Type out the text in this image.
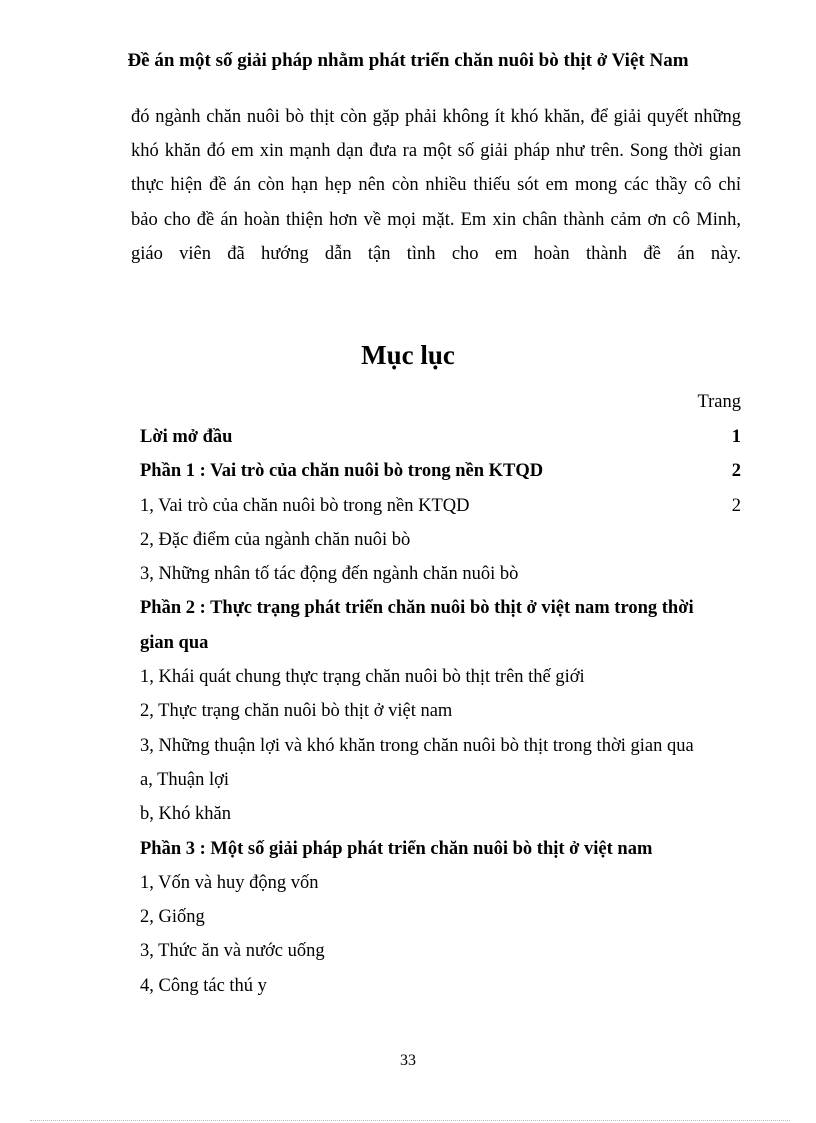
Đề án một số giải pháp nhằm phát triển chăn nuôi bò thịt ở Việt Nam
đó ngành chăn nuôi bò thịt còn gặp phải không ít khó khăn, để giải quyết những
khó khăn đó em xin mạnh dạn đưa ra một số giải pháp như trên. Song thời gian
thực hiện đề án còn hạn hẹp nên còn nhiều thiếu sót em mong các thầy cô chỉ
bảo cho đề án hoàn thiện hơn về mọi mặt. Em xin chân thành cảm ơn cô Minh,
giáo viên đã hướng dẫn tận tình cho em hoàn thành đề án này.
Mục lục
Trang
Lời mở đầu	1
Phần 1 : Vai trò của chăn nuôi bò trong nền KTQD	2
1, Vai trò của chăn nuôi bò trong nền KTQD	2
2, Đặc điểm của ngành chăn nuôi bò
3, Những nhân tố tác động đến ngành chăn nuôi bò
Phần 2 : Thực trạng phát triển chăn nuôi bò thịt ở việt nam trong thời
gian qua
1, Khái quát chung thực trạng chăn nuôi bò thịt trên thế giới
2, Thực trạng chăn nuôi bò thịt ở việt nam
3, Những thuận lợi và khó khăn trong chăn nuôi bò thịt trong thời gian qua
a, Thuận lợi
b, Khó khăn
Phần 3 : Một số giải pháp phát triển chăn nuôi bò thịt ở việt nam
1, Vốn và huy động vốn
2, Giống
3, Thức ăn và nước uống
4, Công tác thú y
33
